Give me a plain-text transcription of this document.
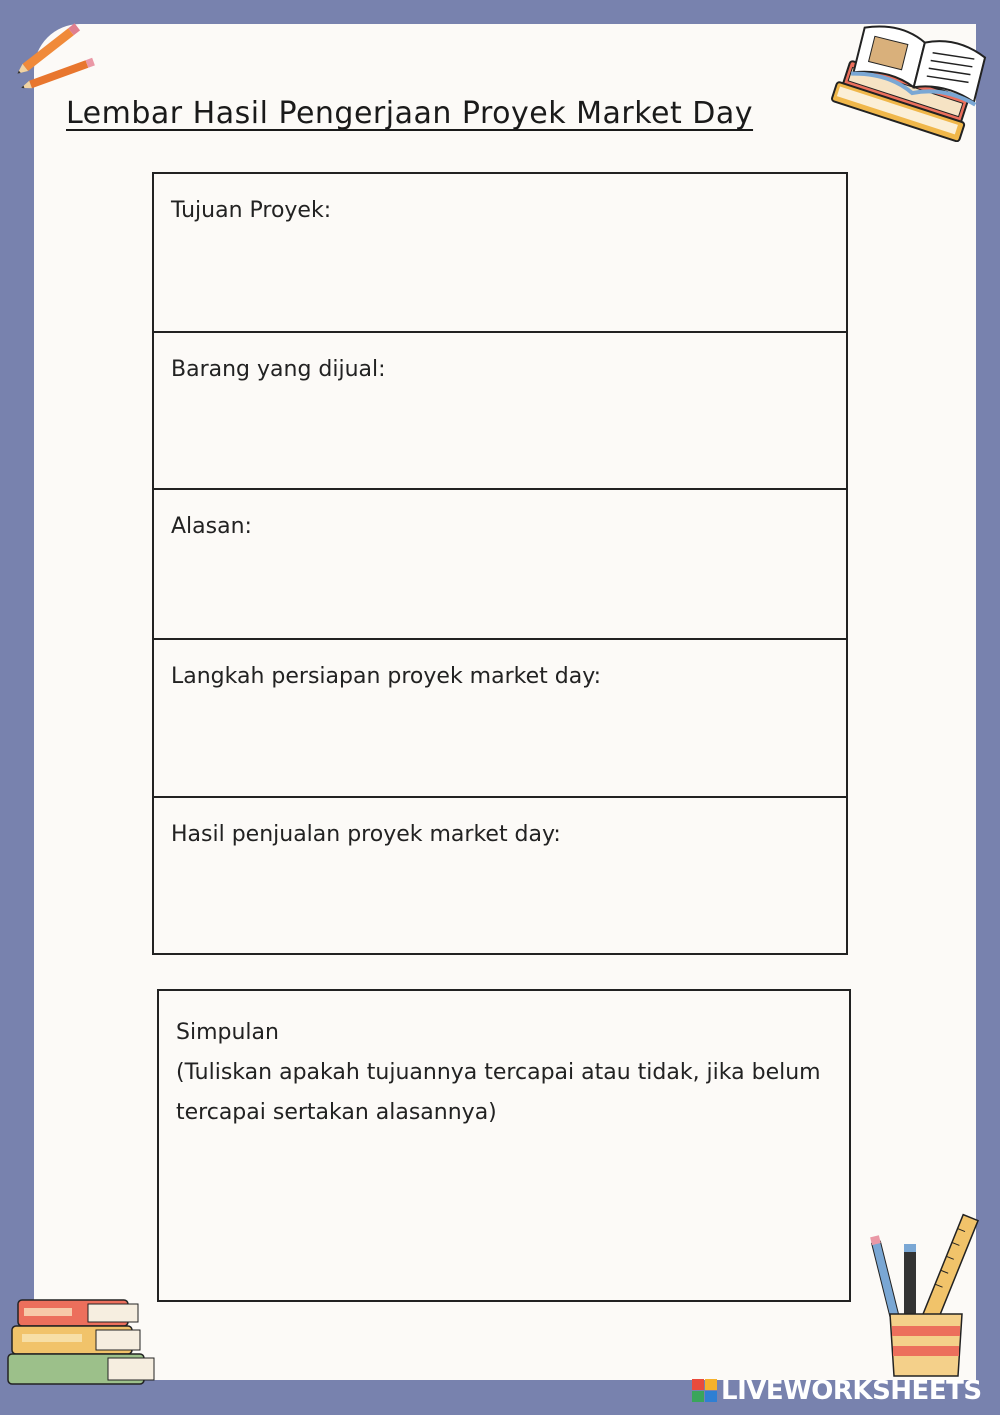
Lembar Hasil Pengerjaan Proyek Market Day
Tujuan Proyek:
Barang yang dijual:
Alasan:
Langkah persiapan proyek market day:
Hasil penjualan proyek market day:
Simpulan
(Tuliskan apakah tujuannya tercapai atau tidak, jika belum tercapai sertakan alasannya)
LIVEWORKSHEETS
